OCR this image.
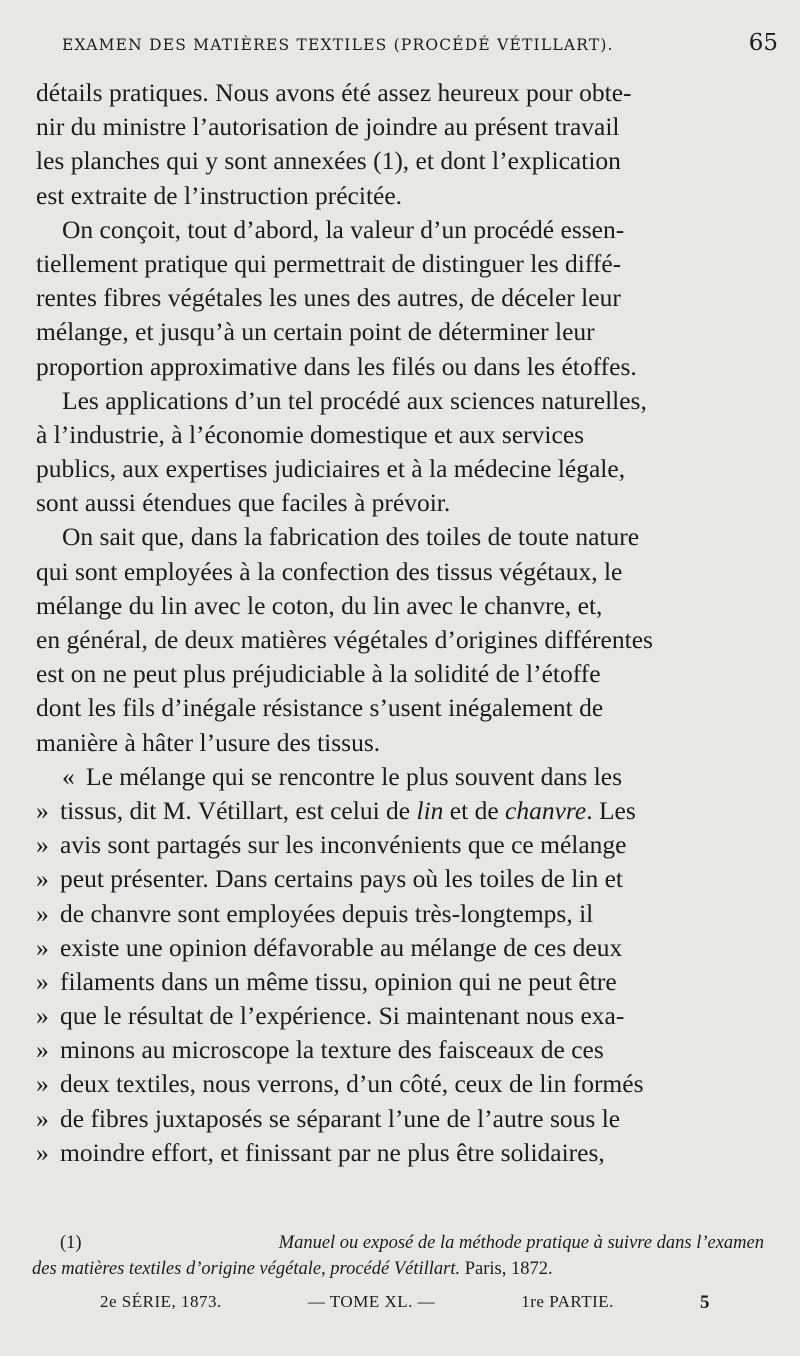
EXAMEN DES MATIÈRES TEXTILES (PROCÉDÉ VÉTILLART).	65
détails pratiques. Nous avons été assez heureux pour obte-
nir du ministre l’autorisation de joindre au présent travail
les planches qui y sont annexées (1), et dont l’explication
est extraite de l’instruction précitée.
On conçoit, tout d’abord, la valeur d’un procédé essen-
tiellement pratique qui permettrait de distinguer les diffé-
rentes fibres végétales les unes des autres, de déceler leur
mélange, et jusqu’à un certain point de déterminer leur
proportion approximative dans les filés ou dans les étoffes.
Les applications d’un tel procédé aux sciences naturelles,
à l’industrie, à l’économie domestique et aux services
publics, aux expertises judiciaires et à la médecine légale,
sont aussi étendues que faciles à prévoir.
On sait que, dans la fabrication des toiles de toute nature
qui sont employées à la confection des tissus végétaux, le
mélange du lin avec le coton, du lin avec le chanvre, et,
en général, de deux matières végétales d’origines différentes
est on ne peut plus préjudiciable à la solidité de l’étoffe
dont les fils d’inégale résistance s’usent inégalement de
manière à hâter l’usure des tissus.
« Le mélange qui se rencontre le plus souvent dans les
» tissus, dit M. Vétillart, est celui de lin et de chanvre. Les
» avis sont partagés sur les inconvénients que ce mélange
» peut présenter. Dans certains pays où les toiles de lin et
» de chanvre sont employées depuis très-longtemps, il
» existe une opinion défavorable au mélange de ces deux
» filaments dans un même tissu, opinion qui ne peut être
» que le résultat de l’expérience. Si maintenant nous exa-
» minons au microscope la texture des faisceaux de ces
» deux textiles, nous verrons, d’un côté, ceux de lin formés
» de fibres juxtaposés se séparant l’une de l’autre sous le
» moindre effort, et finissant par ne plus être solidaires,
(1)	Manuel ou exposé de la méthode pratique à suivre dans l’examen
des matières textiles d’origine végétale, procédé Vétillart. Paris, 1872.
2e SÉRIE, 1873.	— TOME XL. —	1re PARTIE.	5
